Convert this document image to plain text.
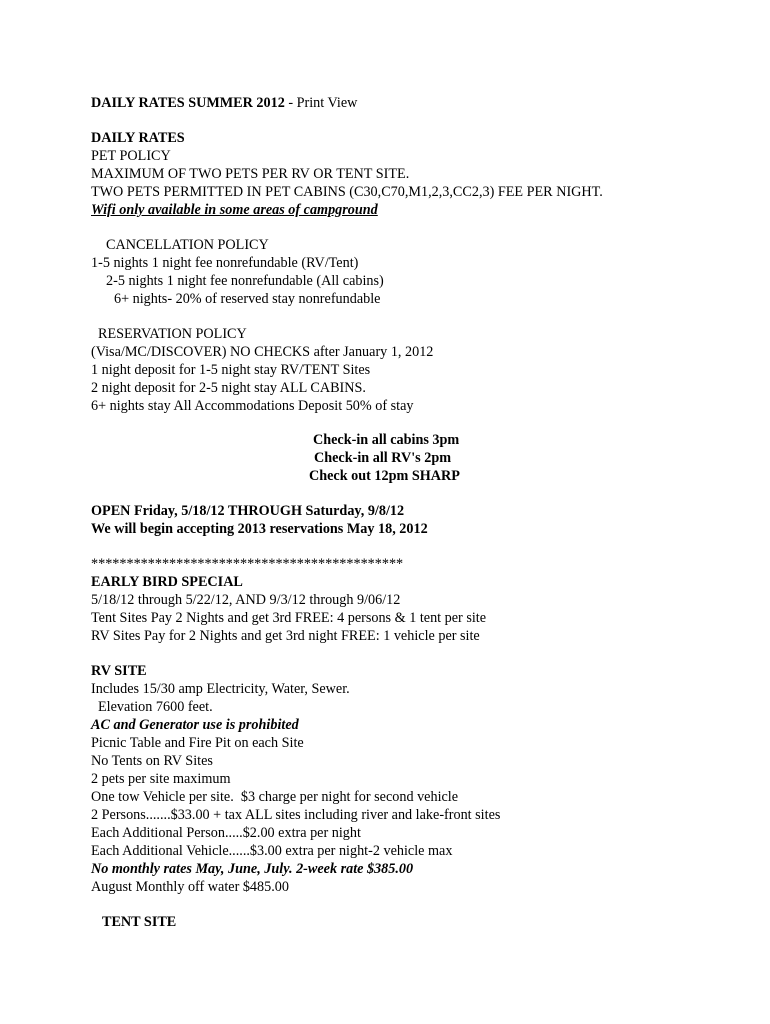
DAILY RATES SUMMER 2012 - Print View
DAILY RATES
PET POLICY
MAXIMUM OF TWO PETS PER RV OR TENT SITE.
TWO PETS PERMITTED IN PET CABINS (C30,C70,M1,2,3,CC2,3) FEE PER NIGHT.
Wifi only available in some areas of campground
CANCELLATION POLICY
1-5 nights 1 night fee nonrefundable (RV/Tent)
2-5 nights 1 night fee nonrefundable (All cabins)
6+ nights- 20% of reserved stay nonrefundable
RESERVATION POLICY
(Visa/MC/DISCOVER) NO CHECKS after January 1, 2012
1 night deposit for 1-5 night stay RV/TENT Sites
2 night deposit for 2-5 night stay ALL CABINS.
6+ nights stay All Accommodations Deposit 50% of stay
Check-in all cabins 3pm
Check-in all RV's 2pm
Check out 12pm SHARP
OPEN Friday, 5/18/12 THROUGH Saturday, 9/8/12
We will begin accepting 2013 reservations May 18, 2012
********************************************
EARLY BIRD SPECIAL
5/18/12 through 5/22/12, AND 9/3/12 through 9/06/12
Tent Sites Pay 2 Nights and get 3rd FREE: 4 persons & 1 tent per site
RV Sites Pay for 2 Nights and get 3rd night FREE: 1 vehicle per site
RV SITE
Includes 15/30 amp Electricity, Water, Sewer.
Elevation 7600 feet.
AC and Generator use is prohibited
Picnic Table and Fire Pit on each Site
No Tents on RV Sites
2 pets per site maximum
One tow Vehicle per site.  $3 charge per night for second vehicle
2 Persons.......$33.00 + tax ALL sites including river and lake-front sites
Each Additional Person.....$2.00 extra per night
Each Additional Vehicle......$3.00 extra per night-2 vehicle max
No monthly rates May, June, July. 2-week rate $385.00
August Monthly off water $485.00
TENT SITE
